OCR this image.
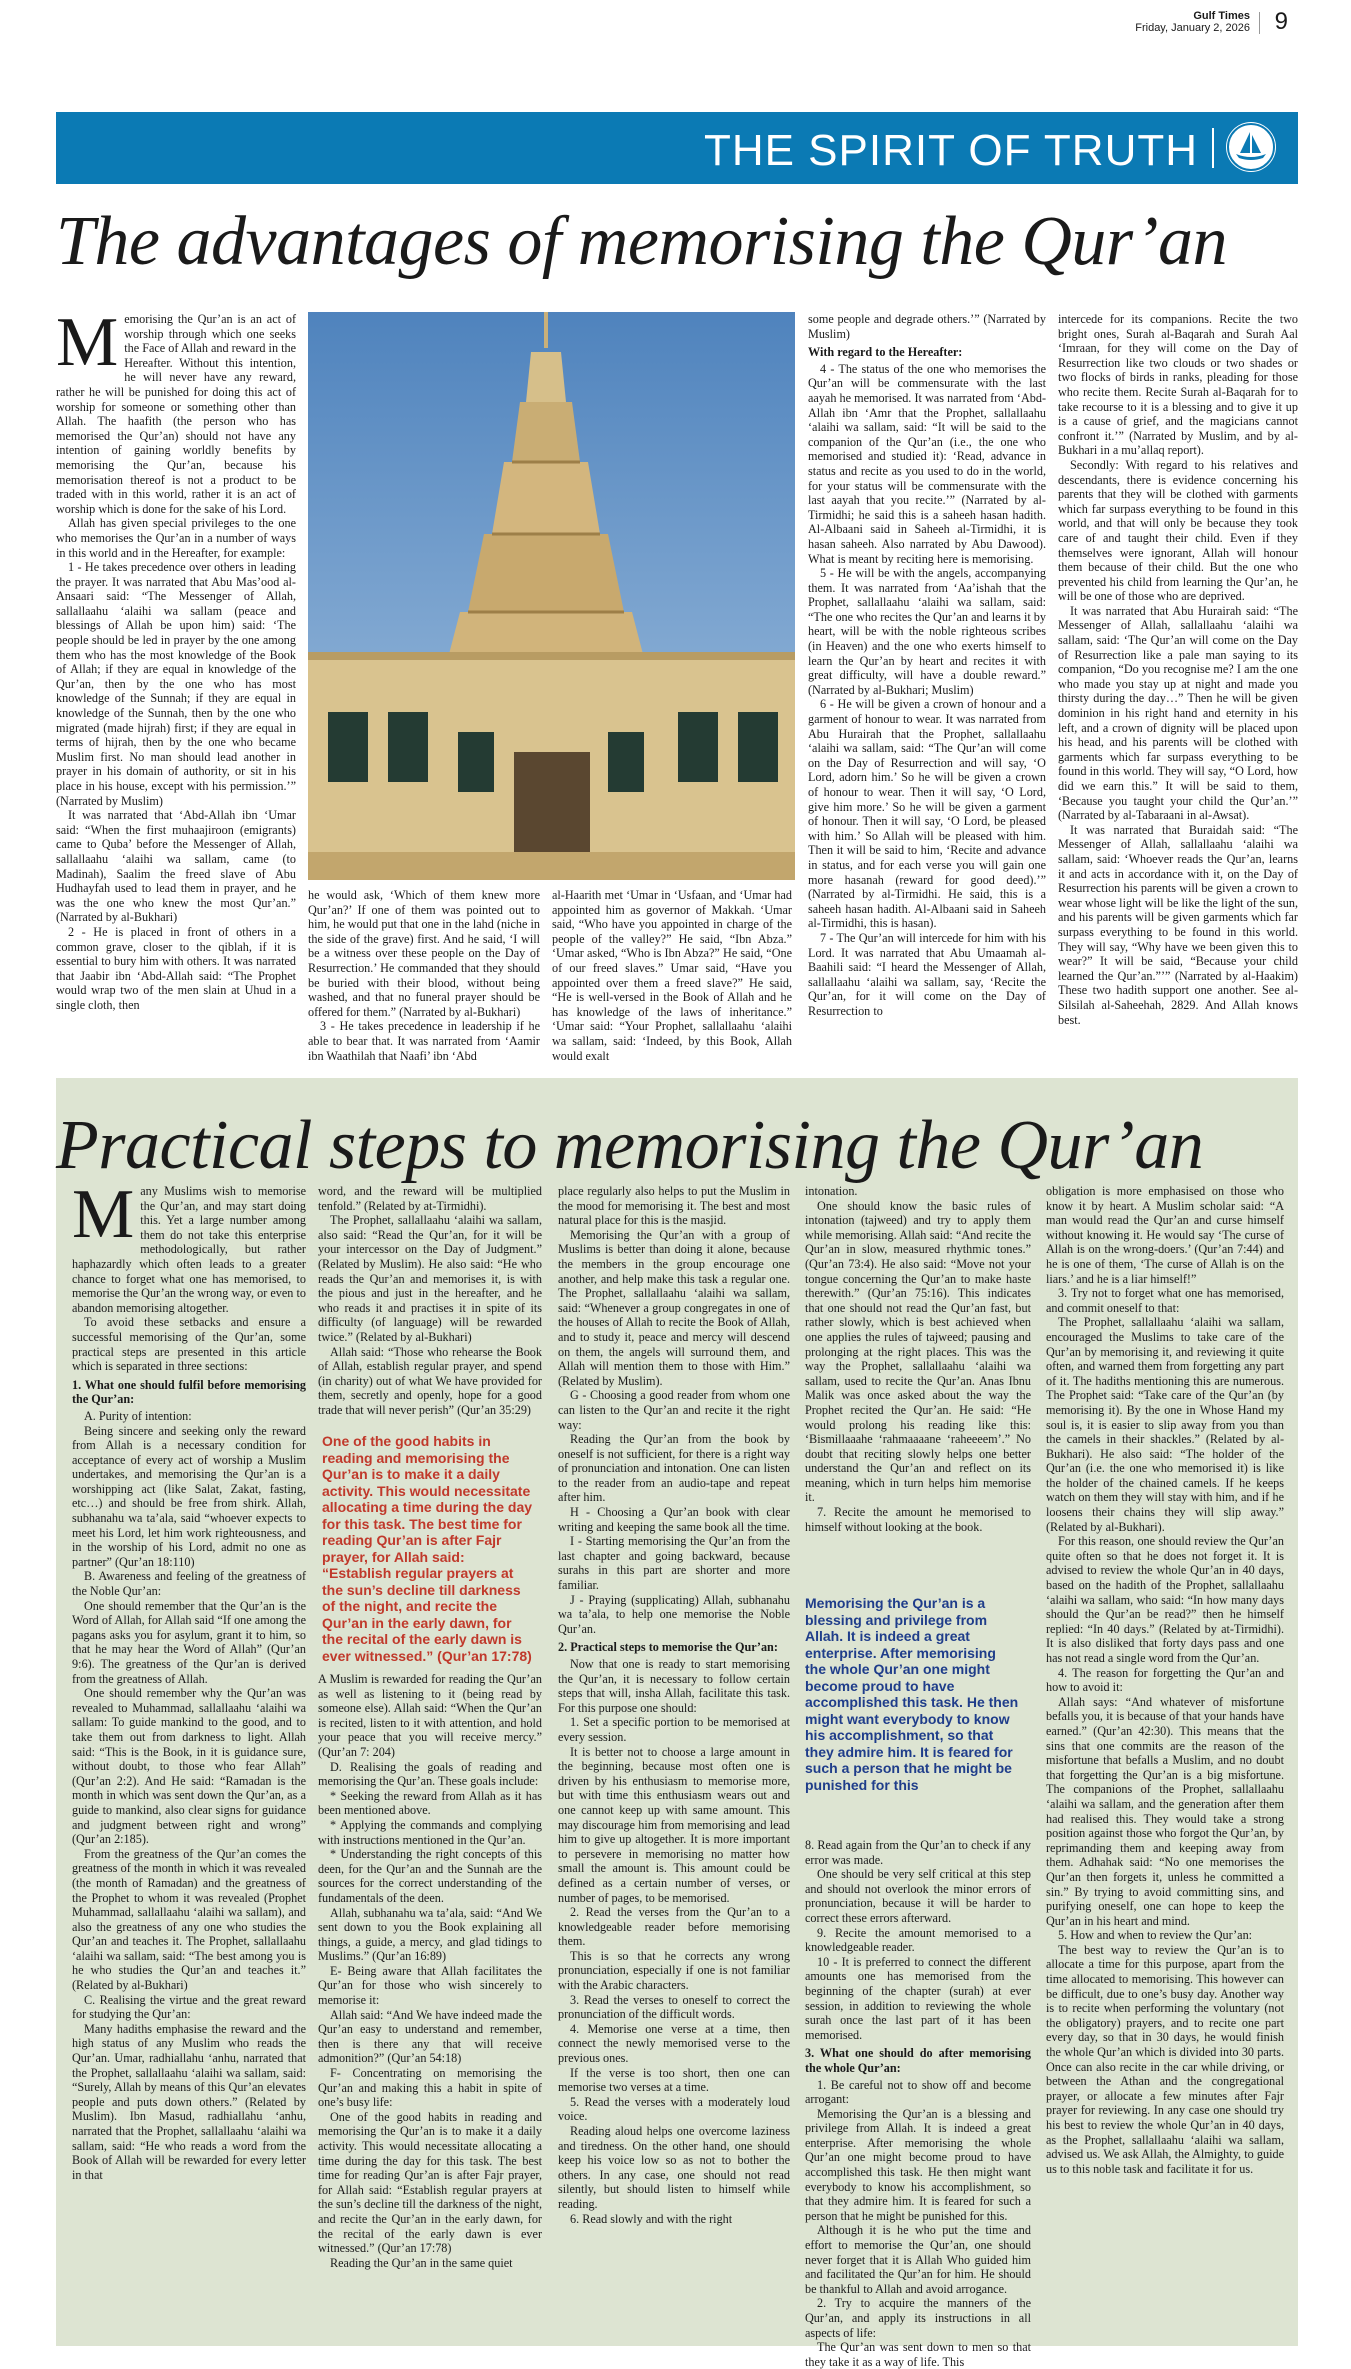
Gulf Times
Friday, January 2, 2026 9
THE SPIRIT OF TRUTH
The advantages of memorising the Qur’an
M emorising the Qur’an is an act of worship through which one seeks the Face of Allah and reward in the Hereafter. Without this intention, he will never have any reward, rather he will be punished for doing this act of worship for someone or something other than Allah. The haafith (the person who has memorised the Qur’an) should not have any intention of gaining worldly benefits by memorising the Qur’an, because his memorisation thereof is not a product to be traded with in this world, rather it is an act of worship which is done for the sake of his Lord.

Allah has given special privileges to the one who memorises the Qur’an in a number of ways in this world and in the Hereafter, for example:

1 - He takes precedence over others in leading the prayer. It was narrated that Abu Mas’ood al-Ansaari said: “The Messenger of Allah, sallallaahu ‘alaihi wa sallam (peace and blessings of Allah be upon him) said: ‘The people should be led in prayer by the one among them who has the most knowledge of the Book of Allah; if they are equal in knowledge of the Qur’an, then by the one who has most knowledge of the Sunnah; if they are equal in knowledge of the Sunnah, then by the one who migrated (made hijrah) first; if they are equal in terms of hijrah, then by the one who became Muslim first. No man should lead another in prayer in his domain of authority, or sit in his place in his house, except with his permission.’” (Narrated by Muslim)

It was narrated that ‘Abd-Allah ibn ‘Umar said: “When the first muhaajiroon (emigrants) came to Quba’ before the Messenger of Allah, sallallaahu ‘alaihi wa sallam, came (to Madinah), Saalim the freed slave of Abu Hudhayfah used to lead them in prayer, and he was the one who knew the most Qur’an.” (Narrated by al-Bukhari)

2 - He is placed in front of others in a common grave, closer to the qiblah, if it is essential to bury him with others. It was narrated that Jaabir ibn ‘Abd-Allah said: “The Prophet would wrap two of the men slain at Uhud in a single cloth, then

he would ask, ‘Which of them knew more Qur’an?’ If one of them was pointed out to him, he would put that one in the lahd (niche in the side of the grave) first. And he said, ‘I will be a witness over these people on the Day of Resurrection.’ He commanded that they should be buried with their blood, without being washed, and that no funeral prayer should be offered for them.” (Narrated by al-Bukhari)

3 - He takes precedence in leadership if he able to bear that. It was narrated from ‘Aamir ibn Waathilah that Naafi’ ibn ‘Abd

al-Haarith met ‘Umar in ‘Usfaan, and ‘Umar had appointed him as governor of Makkah. ‘Umar said, “Who have you appointed in charge of the people of the valley?” He said, “Ibn Abza.” ‘Umar asked, “Who is Ibn Abza?” He said, “One of our freed slaves.” Umar said, “Have you appointed over them a freed slave?” He said, “He is well-versed in the Book of Allah and he has knowledge of the laws of inheritance.” ‘Umar said: “Your Prophet, sallallaahu ‘alaihi wa sallam, said: ‘Indeed, by this Book, Allah would exalt

some people and degrade others.’” (Narrated by Muslim)

With regard to the Hereafter:

4 - The status of the one who memorises the Qur’an will be commensurate with the last aayah he memorised. It was narrated from ‘Abd-Allah ibn ‘Amr that the Prophet, sallallaahu ‘alaihi wa sallam, said: “It will be said to the companion of the Qur’an (i.e., the one who memorised and studied it): ‘Read, advance in status and recite as you used to do in the world, for your status will be commensurate with the last aayah that you recite.’” (Narrated by al-Tirmidhi; he said this is a saheeh hasan hadith. Al-Albaani said in Saheeh al-Tirmidhi, it is hasan saheeh. Also narrated by Abu Dawood). What is meant by reciting here is memorising.

5 - He will be with the angels, accompanying them. It was narrated from ‘Aa’ishah that the Prophet, sallallaahu ‘alaihi wa sallam, said: “The one who recites the Qur’an and learns it by heart, will be with the noble righteous scribes (in Heaven) and the one who exerts himself to learn the Qur’an by heart and recites it with great difficulty, will have a double reward.” (Narrated by al-Bukhari; Muslim)

6 - He will be given a crown of honour and a garment of honour to wear. It was narrated from Abu Hurairah that the Prophet, sallallaahu ‘alaihi wa sallam, said: “The Qur’an will come on the Day of Resurrection and will say, ‘O Lord, adorn him.’ So he will be given a crown of honour to wear. Then it will say, ‘O Lord, give him more.’ So he will be given a garment of honour. Then it will say, ‘O Lord, be pleased with him.’ So Allah will be pleased with him. Then it will be said to him, ‘Recite and advance in status, and for each verse you will gain one more hasanah (reward for good deed).’” (Narrated by al-Tirmidhi. He said, this is a saheeh hasan hadith. Al-Albaani said in Saheeh al-Tirmidhi, this is hasan).

7 - The Qur’an will intercede for him with his Lord. It was narrated that Abu Umaamah al-Baahili said: “I heard the Messenger of Allah, sallallaahu ‘alaihi wa sallam, say, ‘Recite the Qur’an, for it will come on the Day of Resurrection to

intercede for its companions. Recite the two bright ones, Surah al-Baqarah and Surah Aal ‘Imraan, for they will come on the Day of Resurrection like two clouds or two shades or two flocks of birds in ranks, pleading for those who recite them. Recite Surah al-Baqarah for to take recourse to it is a blessing and to give it up is a cause of grief, and the magicians cannot confront it.’” (Narrated by Muslim, and by al-Bukhari in a mu’allaq report).

Secondly: With regard to his relatives and descendants, there is evidence concerning his parents that they will be clothed with garments which far surpass everything to be found in this world, and that will only be because they took care of and taught their child. Even if they themselves were ignorant, Allah will honour them because of their child. But the one who prevented his child from learning the Qur’an, he will be one of those who are deprived.

It was narrated that Abu Hurairah said: “The Messenger of Allah, sallallaahu ‘alaihi wa sallam, said: ‘The Qur’an will come on the Day of Resurrection like a pale man saying to its companion, “Do you recognise me? I am the one who made you stay up at night and made you thirsty during the day…” Then he will be given dominion in his right hand and eternity in his left, and a crown of dignity will be placed upon his head, and his parents will be clothed with garments which far surpass everything to be found in this world. They will say, “O Lord, how did we earn this.” It will be said to them, ‘Because you taught your child the Qur’an.’” (Narrated by al-Tabaraani in al-Awsat).

It was narrated that Buraidah said: “The Messenger of Allah, sallallaahu ‘alaihi wa sallam, said: ‘Whoever reads the Qur’an, learns it and acts in accordance with it, on the Day of Resurrection his parents will be given a crown to wear whose light will be like the light of the sun, and his parents will be given garments which far surpass everything to be found in this world. They will say, “Why have we been given this to wear?” It will be said, “Because your child learned the Qur’an.”’” (Narrated by al-Haakim) These two hadith support one another. See al-Silsilah al-Saheehah, 2829. And Allah knows best.

Practical steps to memorising the Qur’an
M any Muslims wish to memorise the Qur’an, and may start doing this. Yet a large number among them do not take this enterprise methodologically, but rather haphazardly which often leads to a greater chance to forget what one has memorised, to memorise the Qur’an the wrong way, or even to abandon memorising altogether.

To avoid these setbacks and ensure a successful memorising of the Qur’an, some practical steps are presented in this article which is separated in three sections:

1. What one should fulfil before memorising the Qur’an:

A. Purity of intention:

Being sincere and seeking only the reward from Allah is a necessary condition for acceptance of every act of worship a Muslim undertakes, and memorising the Qur’an is a worshipping act (like Salat, Zakat, fasting, etc…) and should be free from shirk. Allah, subhanahu wa ta’ala, said “whoever expects to meet his Lord, let him work righteousness, and in the worship of his Lord, admit no one as partner” (Qur’an 18:110)

B. Awareness and feeling of the greatness of the Noble Qur’an:

One should remember that the Qur’an is the Word of Allah, for Allah said “If one among the pagans asks you for asylum, grant it to him, so that he may hear the Word of Allah” (Qur’an 9:6). The greatness of the Qur’an is derived from the greatness of Allah.

One should remember why the Qur’an was revealed to Muhammad, sallallaahu ‘alaihi wa sallam: To guide mankind to the good, and to take them out from darkness to light. Allah said: “This is the Book, in it is guidance sure, without doubt, to those who fear Allah” (Qur’an 2:2). And He said: “Ramadan is the month in which was sent down the Qur’an, as a guide to mankind, also clear signs for guidance and judgment between right and wrong” (Qur’an 2:185).

From the greatness of the Qur’an comes the greatness of the month in which it was revealed (the month of Ramadan) and the greatness of the Prophet to whom it was revealed (Prophet Muhammad, sallallaahu ‘alaihi wa sallam), and also the greatness of any one who studies the Qur’an and teaches it. The Prophet, sallallaahu ‘alaihi wa sallam, said: “The best among you is he who studies the Qur’an and teaches it.” (Related by al-Bukhari)

C. Realising the virtue and the great reward for studying the Qur’an:

Many hadiths emphasise the reward and the high status of any Muslim who reads the Qur’an. Umar, radhiallahu ‘anhu, narrated that the Prophet, sallallaahu ‘alaihi wa sallam, said: “Surely, Allah by means of this Qur’an elevates people and puts down others.” (Related by Muslim). Ibn Masud, radhiallahu ‘anhu, narrated that the Prophet, sallallaahu ‘alaihi wa sallam, said: “He who reads a word from the Book of Allah will be rewarded for every letter in that

word, and the reward will be multiplied tenfold.” (Related by at-Tirmidhi).

The Prophet, sallallaahu ‘alaihi wa sallam, also said: “Read the Qur’an, for it will be your intercessor on the Day of Judgment.” (Related by Muslim). He also said: “He who reads the Qur’an and memorises it, is with the pious and just in the hereafter, and he who reads it and practises it in spite of its difficulty (of language) will be rewarded twice.” (Related by al-Bukhari)

Allah said: “Those who rehearse the Book of Allah, establish regular prayer, and spend (in charity) out of what We have provided for them, secretly and openly, hope for a good trade that will never perish” (Qur’an 35:29)

One of the good habits in reading and memorising the Qur’an is to make it a daily activity. This would necessitate allocating a time during the day for this task. The best time for reading Qur’an is after Fajr prayer, for Allah said: “Establish regular prayers at the sun’s decline till darkness of the night, and recite the Qur’an in the early dawn, for the recital of the early dawn is ever witnessed.” (Qur’an 17:78)

A Muslim is rewarded for reading the Qur’an as well as listening to it (being read by someone else). Allah said: “When the Qur’an is recited, listen to it with attention, and hold your peace that you will receive mercy.” (Qur’an 7: 204)

D. Realising the goals of reading and memorising the Qur’an. These goals include:

* Seeking the reward from Allah as it has been mentioned above.

* Applying the commands and complying with instructions mentioned in the Qur’an.

* Understanding the right concepts of this deen, for the Qur’an and the Sunnah are the sources for the correct understanding of the fundamentals of the deen.

Allah, subhanahu wa ta’ala, said: “And We sent down to you the Book explaining all things, a guide, a mercy, and glad tidings to Muslims.” (Qur’an 16:89)

E- Being aware that Allah facilitates the Qur’an for those who wish sincerely to memorise it:

Allah said: “And We have indeed made the Qur’an easy to understand and remember, then is there any that will receive admonition?” (Qur’an 54:18)

F- Concentrating on memorising the Qur’an and making this a habit in spite of one’s busy life:

One of the good habits in reading and memorising the Qur’an is to make it a daily activity. This would necessitate allocating a time during the day for this task. The best time for reading Qur’an is after Fajr prayer, for Allah said: “Establish regular prayers at the sun’s decline till the darkness of the night, and recite the Qur’an in the early dawn, for the recital of the early dawn is ever witnessed.” (Qur’an 17:78)

Reading the Qur’an in the same quiet

place regularly also helps to put the Muslim in the mood for memorising it. The best and most natural place for this is the masjid.

Memorising the Qur’an with a group of Muslims is better than doing it alone, because the members in the group encourage one another, and help make this task a regular one. The Prophet, sallallaahu ‘alaihi wa sallam, said: “Whenever a group congregates in one of the houses of Allah to recite the Book of Allah, and to study it, peace and mercy will descend on them, the angels will surround them, and Allah will mention them to those with Him.” (Related by Muslim).

G - Choosing a good reader from whom one can listen to the Qur’an and recite it the right way:

Reading the Qur’an from the book by oneself is not sufficient, for there is a right way of pronunciation and intonation. One can listen to the reader from an audio-tape and repeat after him.

H - Choosing a Qur’an book with clear writing and keeping the same book all the time.

I - Starting memorising the Qur’an from the last chapter and going backward, because surahs in this part are shorter and more familiar.

J - Praying (supplicating) Allah, subhanahu wa ta’ala, to help one memorise the Noble Qur’an.

2. Practical steps to memorise the Qur’an:

Now that one is ready to start memorising the Qur’an, it is necessary to follow certain steps that will, insha Allah, facilitate this task. For this purpose one should:

1. Set a specific portion to be memorised at every session.

It is better not to choose a large amount in the beginning, because most often one is driven by his enthusiasm to memorise more, but with time this enthusiasm wears out and one cannot keep up with same amount. This may discourage him from memorising and lead him to give up altogether. It is more important to persevere in memorising no matter how small the amount is. This amount could be defined as a certain number of verses, or number of pages, to be memorised.

2. Read the verses from the Qur’an to a knowledgeable reader before memorising them.

This is so that he corrects any wrong pronunciation, especially if one is not familiar with the Arabic characters.

3. Read the verses to oneself to correct the pronunciation of the difficult words.

4. Memorise one verse at a time, then connect the newly memorised verse to the previous ones.

If the verse is too short, then one can memorise two verses at a time.

5. Read the verses with a moderately loud voice.

Reading aloud helps one overcome laziness and tiredness. On the other hand, one should keep his voice low so as not to bother the others. In any case, one should not read silently, but should listen to himself while reading.

6. Read slowly and with the right

intonation.

One should know the basic rules of intonation (tajweed) and try to apply them while memorising. Allah said: “And recite the Qur’an in slow, measured rhythmic tones.” (Qur’an 73:4). He also said: “Move not your tongue concerning the Qur’an to make haste therewith.” (Qur’an 75:16). This indicates that one should not read the Qur’an fast, but rather slowly, which is best achieved when one applies the rules of tajweed; pausing and prolonging at the right places. This was the way the Prophet, sallallaahu ‘alaihi wa sallam, used to recite the Qur’an. Anas Ibnu Malik was once asked about the way the Prophet recited the Qur’an. He said: “He would prolong his reading like this: ‘Bismillaaahe ‘rahmaaaane ‘raheeeem’.” No doubt that reciting slowly helps one better understand the Qur’an and reflect on its meaning, which in turn helps him memorise it.

7. Recite the amount he memorised to himself without looking at the book.

Memorising the Qur’an is a blessing and privilege from Allah. It is indeed a great enterprise. After memorising the whole Qur’an one might become proud to have accomplished this task. He then might want everybody to know his accomplishment, so that they admire him. It is feared for such a person that he might be punished for this

8. Read again from the Qur’an to check if any error was made.

One should be very self critical at this step and should not overlook the minor errors of pronunciation, because it will be harder to correct these errors afterward.

9. Recite the amount memorised to a knowledgeable reader.

10 - It is preferred to connect the different amounts one has memorised from the beginning of the chapter (surah) at ever session, in addition to reviewing the whole surah once the last part of it has been memorised.

3. What one should do after memorising the whole Qur’an:

1. Be careful not to show off and become arrogant:

Memorising the Qur’an is a blessing and privilege from Allah. It is indeed a great enterprise. After memorising the whole Qur’an one might become proud to have accomplished this task. He then might want everybody to know his accomplishment, so that they admire him. It is feared for such a person that he might be punished for this.

Although it is he who put the time and effort to memorise the Qur’an, one should never forget that it is Allah Who guided him and facilitated the Qur’an for him. He should be thankful to Allah and avoid arrogance.

2. Try to acquire the manners of the Qur’an, and apply its instructions in all aspects of life:

The Qur’an was sent down to men so that they take it as a way of life. This

obligation is more emphasised on those who know it by heart. A Muslim scholar said: “A man would read the Qur’an and curse himself without knowing it. He would say ‘The curse of Allah is on the wrong-doers.’ (Qur’an 7:44) and he is one of them, ‘The curse of Allah is on the liars.’ and he is a liar himself!”

3. Try not to forget what one has memorised, and commit oneself to that:

The Prophet, sallallaahu ‘alaihi wa sallam, encouraged the Muslims to take care of the Qur’an by memorising it, and reviewing it quite often, and warned them from forgetting any part of it. The hadiths mentioning this are numerous. The Prophet said: “Take care of the Qur’an (by memorising it). By the one in Whose Hand my soul is, it is easier to slip away from you than the camels in their shackles.” (Related by al-Bukhari). He also said: “The holder of the Qur’an (i.e. the one who memorised it) is like the holder of the chained camels. If he keeps watch on them they will stay with him, and if he loosens their chains they will slip away.” (Related by al-Bukhari).

For this reason, one should review the Qur’an quite often so that he does not forget it. It is advised to review the whole Qur’an in 40 days, based on the hadith of the Prophet, sallallaahu ‘alaihi wa sallam, who said: “In how many days should the Qur’an be read?” then he himself replied: “In 40 days.” (Related by at-Tirmidhi). It is also disliked that forty days pass and one has not read a single word from the Qur’an.

4. The reason for forgetting the Qur’an and how to avoid it:

Allah says: “And whatever of misfortune befalls you, it is because of that your hands have earned.” (Qur’an 42:30). This means that the sins that one commits are the reason of the misfortune that befalls a Muslim, and no doubt that forgetting the Qur’an is a big misfortune. The companions of the Prophet, sallallaahu ‘alaihi wa sallam, and the generation after them had realised this. They would take a strong position against those who forgot the Qur’an, by reprimanding them and keeping away from them. Adhahak said: “No one memorises the Qur’an then forgets it, unless he committed a sin.” By trying to avoid committing sins, and purifying oneself, one can hope to keep the Qur’an in his heart and mind.

5. How and when to review the Qur’an:

The best way to review the Qur’an is to allocate a time for this purpose, apart from the time allocated to memorising. This however can be difficult, due to one’s busy day. Another way is to recite when performing the voluntary (not the obligatory) prayers, and to recite one part every day, so that in 30 days, he would finish the whole Qur’an which is divided into 30 parts. Once can also recite in the car while driving, or between the Athan and the congregational prayer, or allocate a few minutes after Fajr prayer for reviewing. In any case one should try his best to review the whole Qur’an in 40 days, as the Prophet, sallallaahu ‘alaihi wa sallam, advised us. We ask Allah, the Almighty, to guide us to this noble task and facilitate it for us.
